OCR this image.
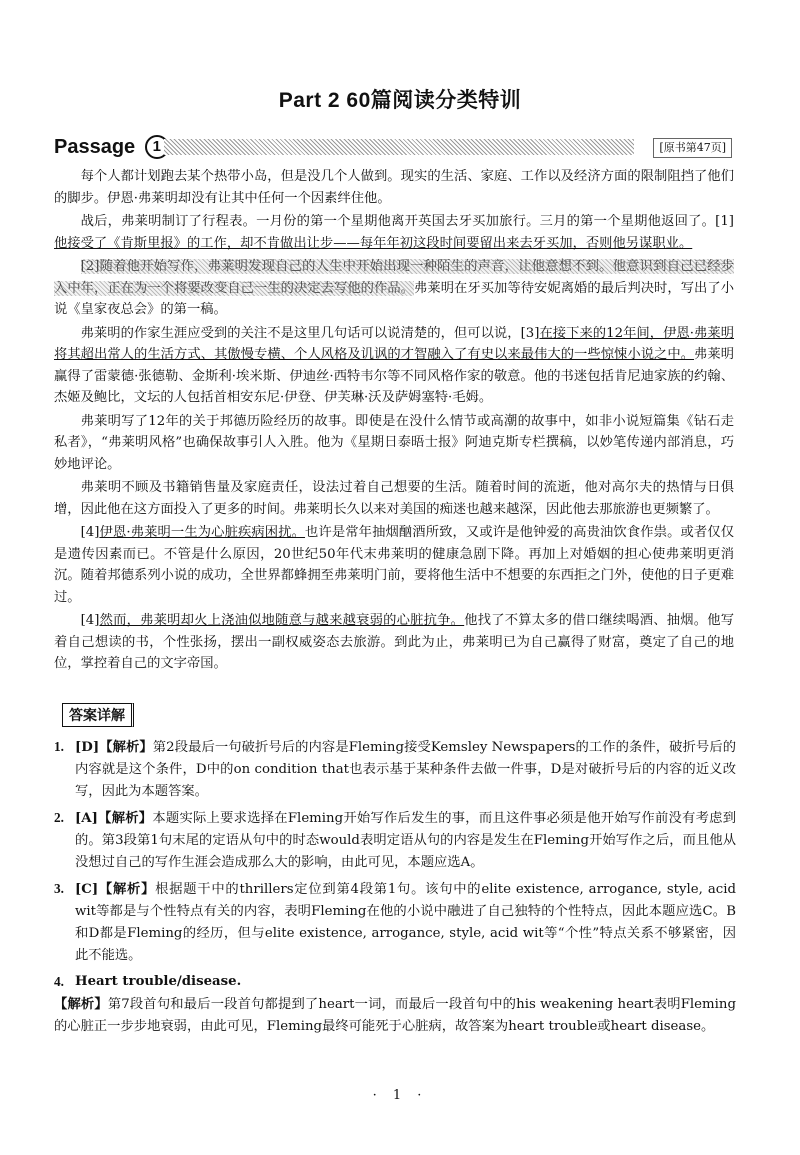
Part 2 60篇阅读分类特训
Passage 1	[原书第47页]

每个人都计划跑去某个热带小岛，但是没几个人做到。现实的生活、家庭、工作以及经济方面的限制阻挡了他们的脚步。伊恩·弗莱明却没有让其中任何一个因素绊住他。

战后，弗莱明制订了行程表。一月份的第一个星期他离开英国去牙买加旅行。三月的第一个星期他返回了。[1]他接受了《肯斯里报》的工作，却不肯做出让步——每年年初这段时间要留出来去牙买加，否则他另谋职业。

[2]随着他开始写作，弗莱明发现自己的人生中开始出现一种陌生的声音，让他意想不到。他意识到自己已经步入中年，正在为一个将要改变自己一生的决定去写他的作品。弗莱明在牙买加等待安妮离婚的最后判决时，写出了小说《皇家夜总会》的第一稿。

弗莱明的作家生涯应受到的关注不是这里几句话可以说清楚的，但可以说，[3]在接下来的12年间，伊恩·弗莱明将其超出常人的生活方式、其傲慢专横、个人风格及讥讽的才智融入了有史以来最伟大的一些惊悚小说之中。弗莱明赢得了雷蒙德·张德勒、金斯利·埃米斯、伊迪丝·西特韦尔等不同风格作家的敬意。他的书迷包括肯尼迪家族的约翰、杰姬及鲍比，文坛的人包括首相安东尼·伊登、伊芙琳·沃及萨姆塞特·毛姆。

弗莱明写了12年的关于邦德历险经历的故事。即使是在没什么情节或高潮的故事中，如非小说短篇集《钻石走私者》，“弗莱明风格”也确保故事引人入胜。他为《星期日泰晤士报》阿迪克斯专栏撰稿，以妙笔传递内部消息，巧妙地评论。

弗莱明不顾及书籍销售量及家庭责任，设法过着自己想要的生活。随着时间的流逝，他对高尔夫的热情与日俱增，因此他在这方面投入了更多的时间。弗莱明长久以来对美国的痴迷也越来越深，因此他去那旅游也更频繁了。

[4]伊恩·弗莱明一生为心脏疾病困扰。也许是常年抽烟酗酒所致，又或许是他钟爱的高贵油饮食作祟。或者仅仅是遗传因素而已。不管是什么原因，20世纪50年代末弗莱明的健康急剧下降。再加上对婚姻的担心使弗莱明更消沉。随着邦德系列小说的成功，全世界都蜂拥至弗莱明门前，要将他生活中不想要的东西拒之门外，使他的日子更难过。

[4]然而，弗莱明却火上浇油似地随意与越来越衰弱的心脏抗争。他找了不算太多的借口继续喝酒、抽烟。他写着自己想读的书，个性张扬，摆出一副权威姿态去旅游。到此为止，弗莱明已为自己赢得了财富，奠定了自己的地位，掌控着自己的文字帝国。

答案详解
1. [D]【解析】第2段最后一句破折号后的内容是Fleming接受Kemsley Newspapers的工作的条件，破折号后的内容就是这个条件，D中的on condition that也表示基于某种条件去做一件事，D是对破折号后的内容的近义改写，因此为本题答案。
2. [A]【解析】本题实际上要求选择在Fleming开始写作后发生的事，而且这件事必须是他开始写作前没有考虑到的。第3段第1句末尾的定语从句中的时态would表明定语从句的内容是发生在Fleming开始写作之后，而且他从没想过自己的写作生涯会造成那么大的影响，由此可见，本题应选A。
3. [C]【解析】根据题干中的thrillers定位到第4段第1句。该句中的elite existence, arrogance, style, acid wit等都是与个性特点有关的内容，表明Fleming在他的小说中融进了自己独特的个性特点，因此本题应选C。B和D都是Fleming的经历，但与elite existence, arrogance, style, acid wit等“个性”特点关系不够紧密，因此不能选。
4. Heart trouble/disease.
【解析】第7段首句和最后一段首句都提到了heart一词，而最后一段首句中的his weakening heart表明Fleming的心脏正一步步地衰弱，由此可见，Fleming最终可能死于心脏病，故答案为heart trouble或heart disease。
· 1 ·
